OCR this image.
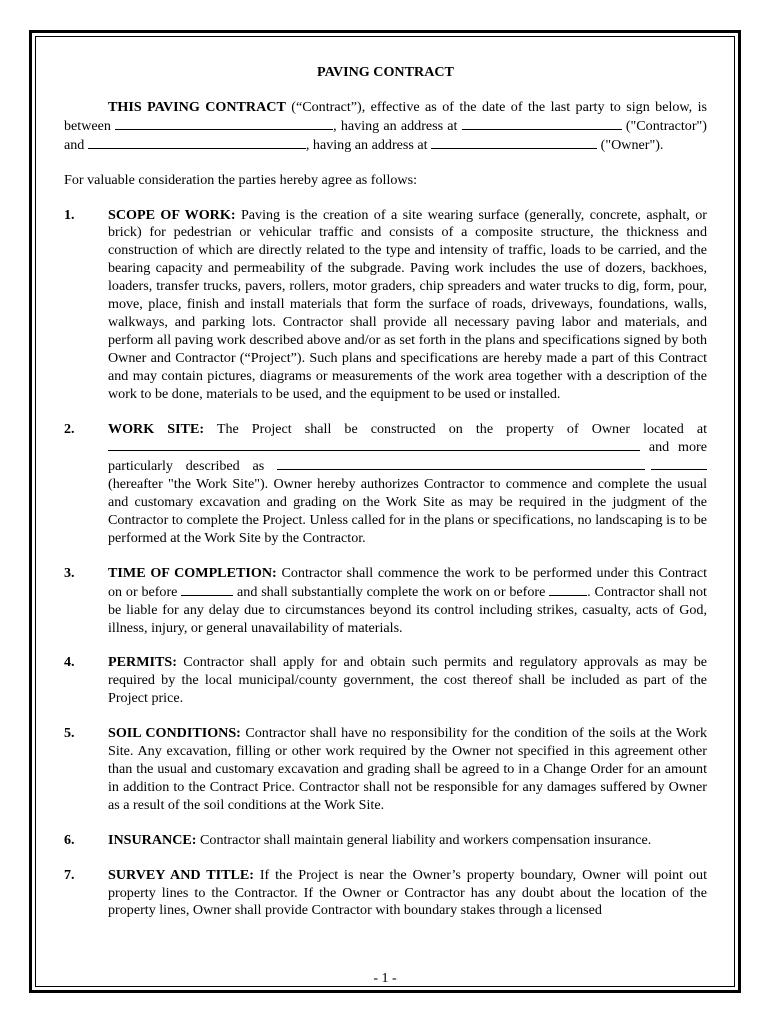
PAVING CONTRACT

THIS PAVING CONTRACT (“Contract”), effective as of the date of the last party to sign below, is between	, having an address at	("Contractor") and	, having an address at	("Owner").

For valuable consideration the parties hereby agree as follows:

1.	SCOPE OF WORK: Paving is the creation of a site wearing surface (generally, concrete, asphalt, or brick) for pedestrian or vehicular traffic and consists of a composite structure, the thickness and construction of which are directly related to the type and intensity of traffic, loads to be carried, and the bearing capacity and permeability of the subgrade. Paving work includes the use of dozers, backhoes, loaders, transfer trucks, pavers, rollers, motor graders, chip spreaders and water trucks to dig, form, pour, move, place, finish and install materials that form the surface of roads, driveways, foundations, walls, walkways, and parking lots. Contractor shall provide all necessary paving labor and materials, and perform all paving work described above and/or as set forth in the plans and specifications signed by both Owner and Contractor (“Project”). Such plans and specifications are hereby made a part of this Contract and may contain pictures, diagrams or measurements of the work area together with a description of the work to be done, materials to be used, and the equipment to be used or installed.
2.	WORK SITE: The Project shall be constructed on the property of Owner located at  and more particularly described as  (hereafter "the Work Site"). Owner hereby authorizes Contractor to commence and complete the usual and customary excavation and grading on the Work Site as may be required in the judgment of the Contractor to complete the Project. Unless called for in the plans or specifications, no landscaping is to be performed at the Work Site by the Contractor.
3.	TIME OF COMPLETION: Contractor shall commence the work to be performed under this Contract on or before	and shall substantially complete the work on or before	. Contractor shall not be liable for any delay due to circumstances beyond its control including strikes, casualty, acts of God, illness, injury, or general unavailability of materials.
4.	PERMITS: Contractor shall apply for and obtain such permits and regulatory approvals as may be required by the local municipal/county government, the cost thereof shall be included as part of the Project price.
5.	SOIL CONDITIONS: Contractor shall have no responsibility for the condition of the soils at the Work Site. Any excavation, filling or other work required by the Owner not specified in this agreement other than the usual and customary excavation and grading shall be agreed to in a Change Order for an amount in addition to the Contract Price. Contractor shall not be responsible for any damages suffered by Owner as a result of the soil conditions at the Work Site.
6.	INSURANCE: Contractor shall maintain general liability and workers compensation insurance.
7.	SURVEY AND TITLE: If the Project is near the Owner’s property boundary, Owner will point out property lines to the Contractor. If the Owner or Contractor has any doubt about the location of the property lines, Owner shall provide Contractor with boundary stakes through a licensed
- 1 -
